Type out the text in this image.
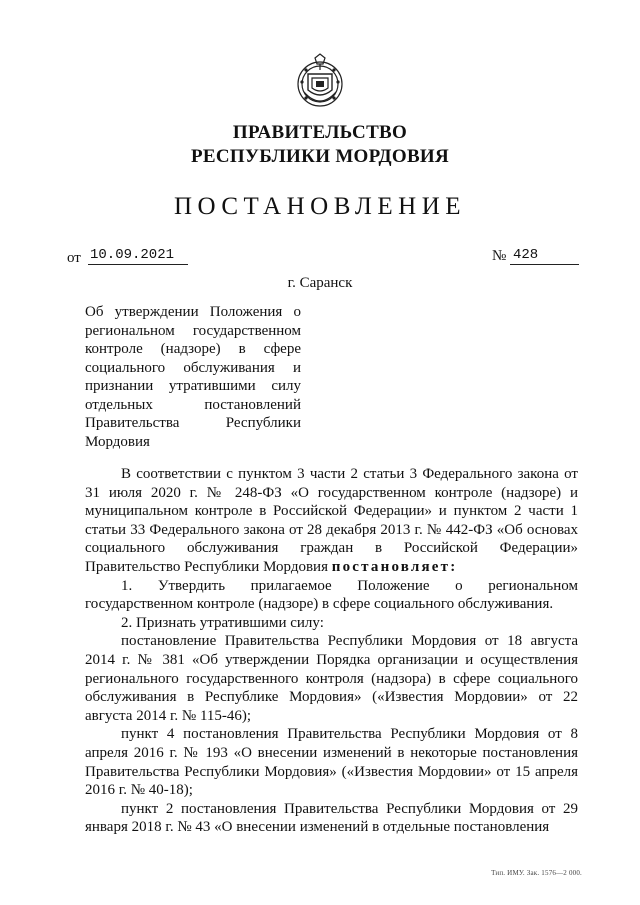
ПРАВИТЕЛЬСТВО
РЕСПУБЛИКИ МОРДОВИЯ
ПОСТАНОВЛЕНИЕ
от 10.09.2021	№ 428
г. Саранск
Об утверждении Положения о региональном государственном контроле (надзоре) в сфере социального обслуживания и признании утратившими силу отдельных постановлений Правительства Республики Мордовия

В соответствии с пунктом 3 части 2 статьи 3 Федерального закона от 31 июля 2020 г. № 248-ФЗ «О государственном контроле (надзоре) и муниципальном контроле в Российской Федерации» и пунктом 2 части 1 статьи 33 Федерального закона от 28 декабря 2013 г. № 442-ФЗ «Об основах социального обслуживания граждан в Российской Федерации» Правительство Республики Мордовия постановляет:

1. Утвердить прилагаемое Положение о региональном государственном контроле (надзоре) в сфере социального обслуживания.

2. Признать утратившими силу:

постановление Правительства Республики Мордовия от 18 августа 2014 г. № 381 «Об утверждении Порядка организации и осуществления регионального государственного контроля (надзора) в сфере социального обслуживания в Республике Мордовия» («Известия Мордовии» от 22 августа 2014 г. № 115-46);

пункт 4 постановления Правительства Республики Мордовия от 8 апреля 2016 г. № 193 «О внесении изменений в некоторые постановления Правительства Республики Мордовия» («Известия Мордовии» от 15 апреля 2016 г. № 40-18);

пункт 2 постановления Правительства Республики Мордовия от 29 января 2018 г. № 43 «О внесении изменений в отдельные постановления

Тип. ИМУ. Зак. 1576—2 000.
